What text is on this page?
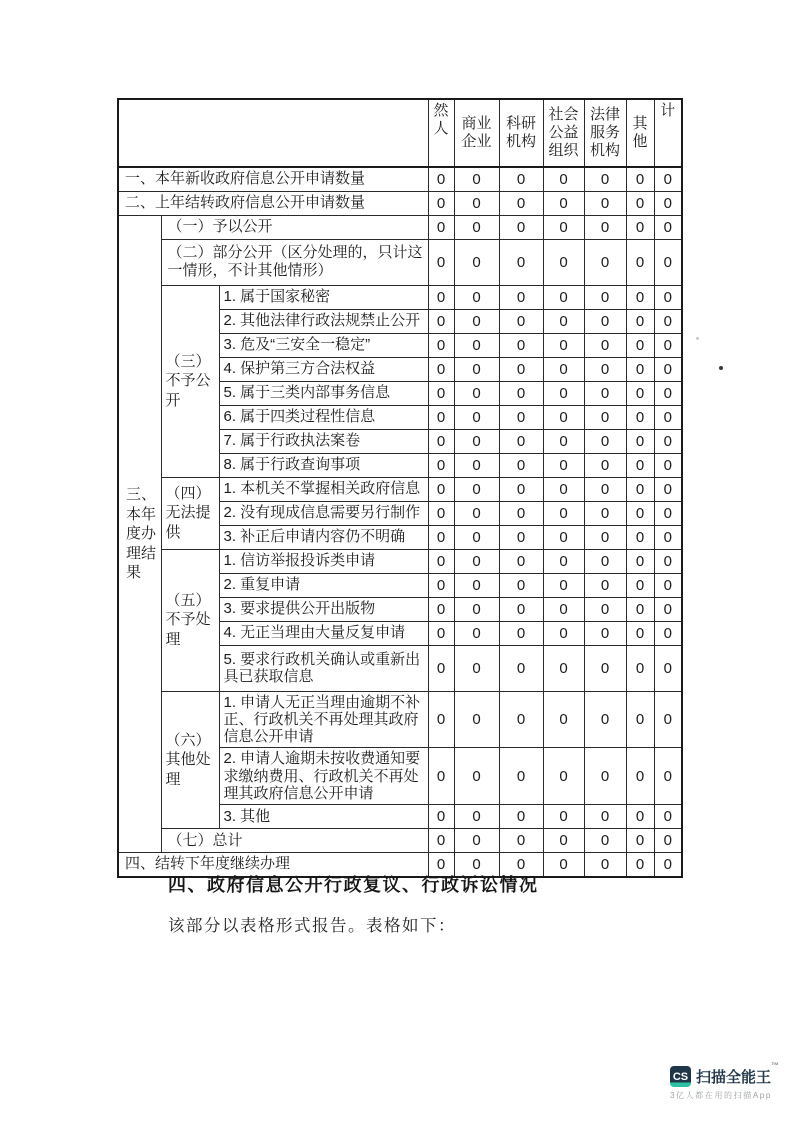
			然人	商业企业	科研机构	社会公益组织	法律服务机构	其他	计
一、本年新收政府信息公开申请数量			0	0	0	0	0	0	0
二、上年结转政府信息公开申请数量			0	0	0	0	0	0	0
三、本年度办理结果	（一）予以公开		0	0	0	0	0	0	0
	（二）部分公开（区分处理的，只计这一情形，不计其他情形）		0	0	0	0	0	0	0
	（三）不予公开	1. 属于国家秘密	0	0	0	0	0	0	0
		2. 其他法律行政法规禁止公开	0	0	0	0	0	0	0
		3. 危及“三安全一稳定”	0	0	0	0	0	0	0
		4. 保护第三方合法权益	0	0	0	0	0	0	0
		5. 属于三类内部事务信息	0	0	0	0	0	0	0
		6. 属于四类过程性信息	0	0	0	0	0	0	0
		7. 属于行政执法案卷	0	0	0	0	0	0	0
		8. 属于行政查询事项	0	0	0	0	0	0	0
	（四）无法提供	1. 本机关不掌握相关政府信息	0	0	0	0	0	0	0
		2. 没有现成信息需要另行制作	0	0	0	0	0	0	0
		3. 补正后申请内容仍不明确	0	0	0	0	0	0	0
	（五）不予处理	1. 信访举报投诉类申请	0	0	0	0	0	0	0
		2. 重复申请	0	0	0	0	0	0	0
		3. 要求提供公开出版物	0	0	0	0	0	0	0
		4. 无正当理由大量反复申请	0	0	0	0	0	0	0
		5. 要求行政机关确认或重新出具已获取信息	0	0	0	0	0	0	0
	（六）其他处理	1. 申请人无正当理由逾期不补正、行政机关不再处理其政府信息公开申请	0	0	0	0	0	0	0
		2. 申请人逾期未按收费通知要求缴纳费用、行政机关不再处理其政府信息公开申请	0	0	0	0	0	0	0
		3. 其他	0	0	0	0	0	0	0
	（七）总计		0	0	0	0	0	0	0
四、结转下年度继续办理			0	0	0	0	0	0	0
四、政府信息公开行政复议、行政诉讼情况
该部分以表格形式报告。表格如下：
CS 扫描全能王™
3亿人都在用的扫描App
